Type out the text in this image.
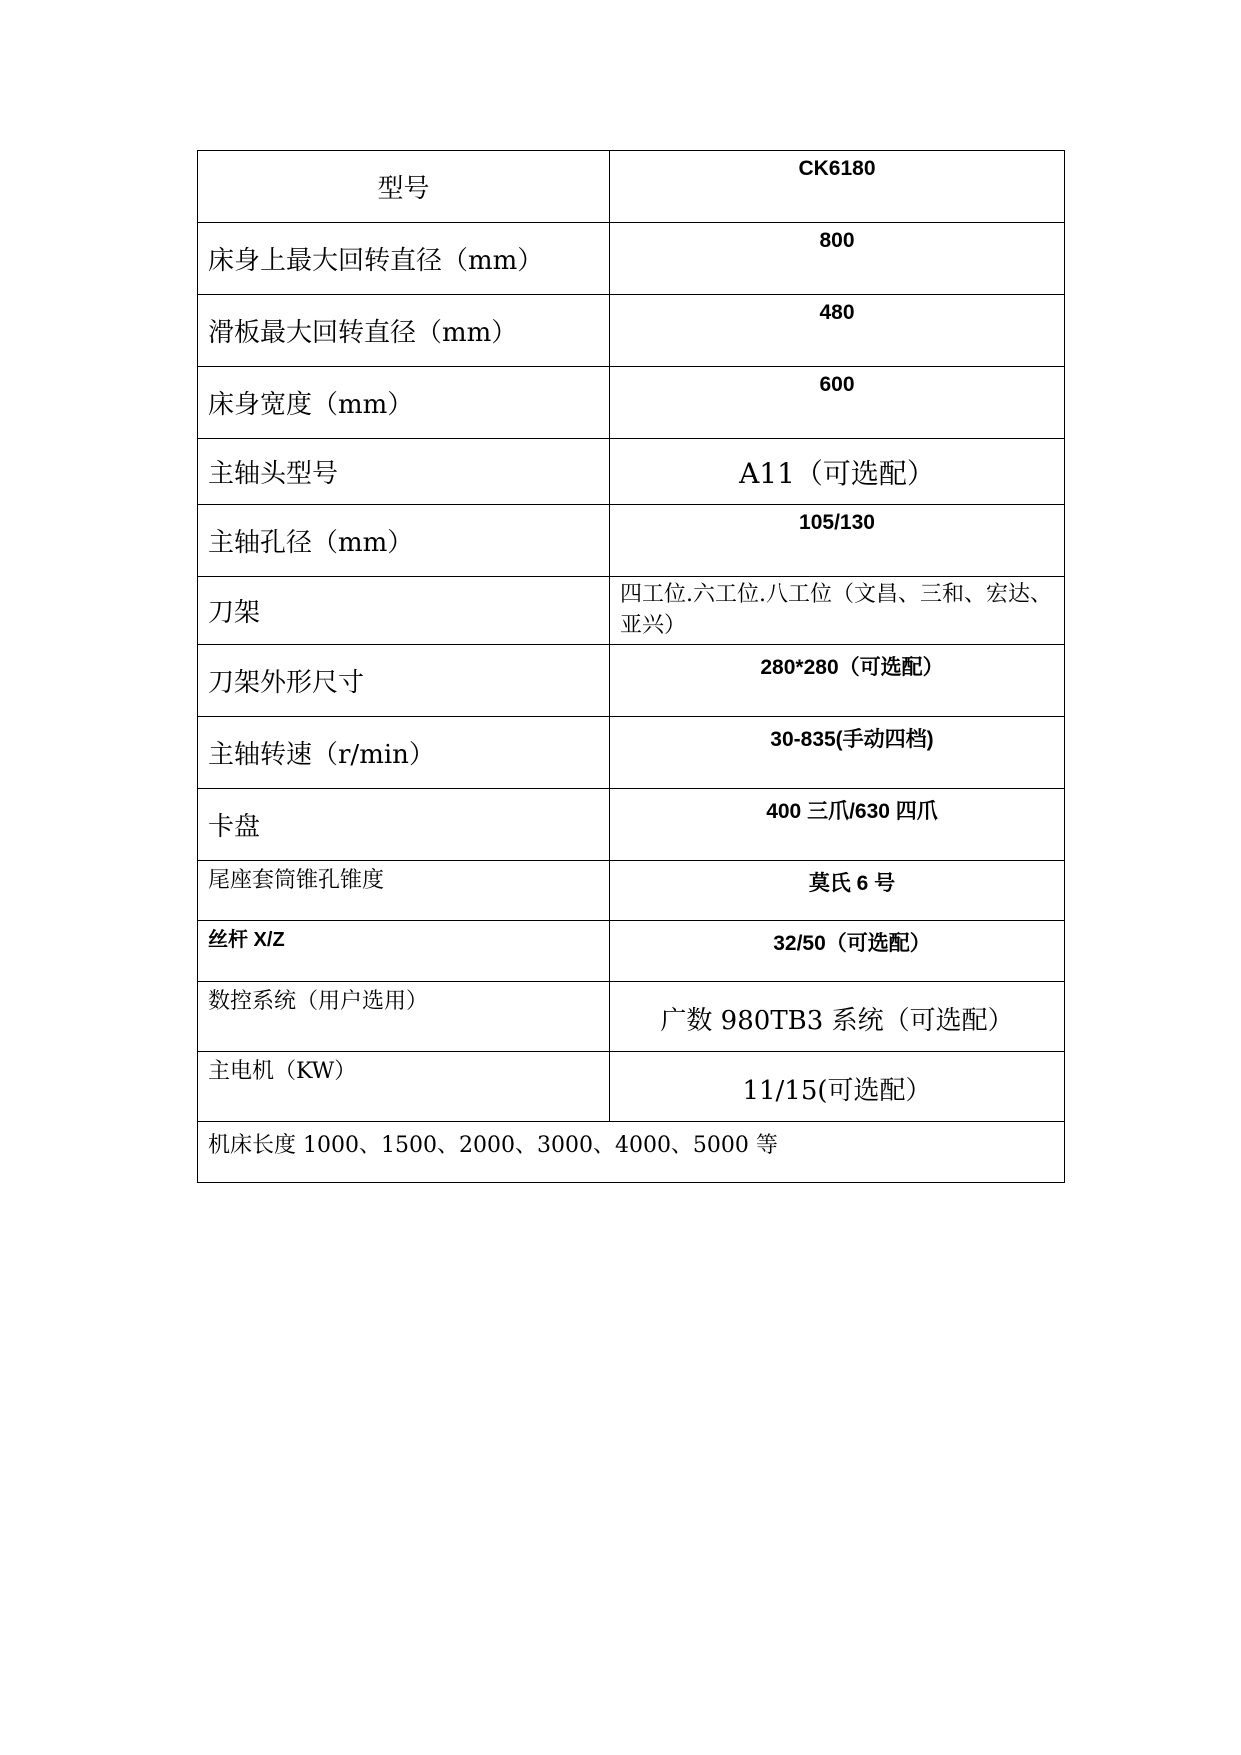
型号	CK6180
床身上最大回转直径（mm）	800
滑板最大回转直径（mm）	480
床身宽度（mm）	600
主轴头型号	A11（可选配）
主轴孔径（mm）	105/130
刀架	四工位.六工位.八工位（文昌、三和、宏达、亚兴）
刀架外形尺寸	280*280（可选配）
主轴转速（r/min）	30-835(手动四档)
卡盘	400 三爪/630 四爪
尾座套筒锥孔锥度	莫氏 6 号
丝杆 X/Z	32/50（可选配）
数控系统（用户选用）	广数 980TB3 系统（可选配）
主电机（KW）	11/15(可选配）
机床长度 1000、1500、2000、3000、4000、5000 等	
